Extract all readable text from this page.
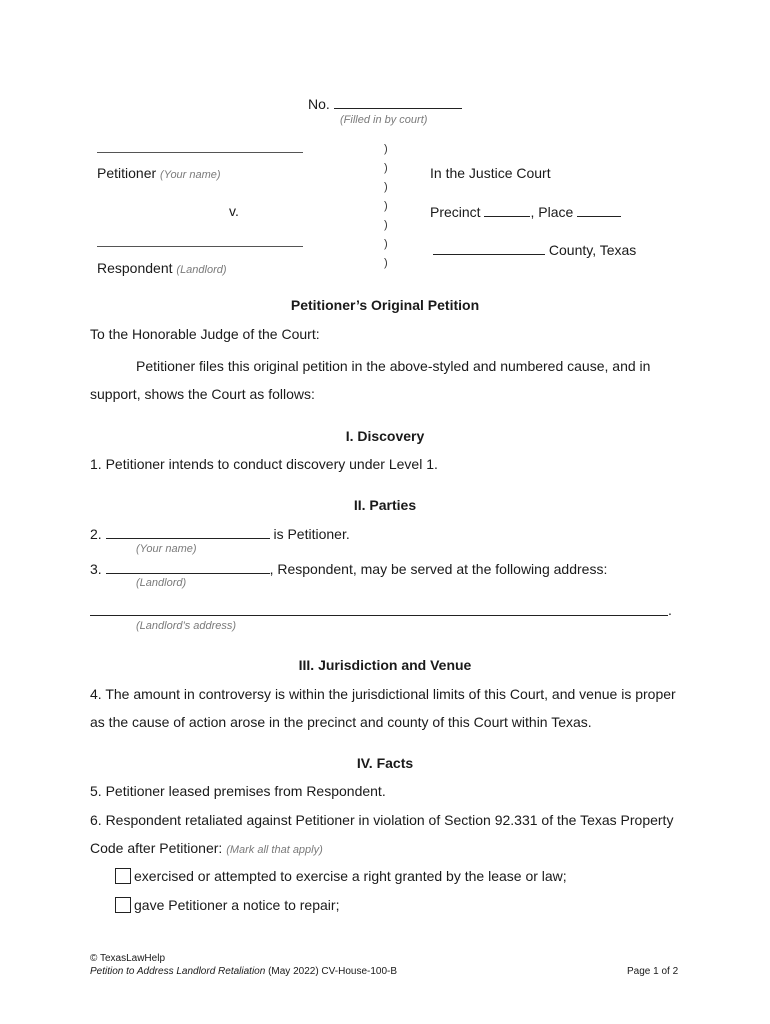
No.
(Filled in by court)
Petitioner (Your name)
v.
Respondent (Landlord)
)
)
)
)
)
)
)
In the Justice Court
Precinct	, Place
County, Texas
Petitioner’s Original Petition
To the Honorable Judge of the Court:
Petitioner files this original petition in the above-styled and numbered cause, and in
support, shows the Court as follows:
I. Discovery
1. Petitioner intends to conduct discovery under Level 1.
II. Parties
2.	is Petitioner.
(Your name)
3.	, Respondent, may be served at the following address:
(Landlord)
.
(Landlord’s address)
III. Jurisdiction and Venue
4. The amount in controversy is within the jurisdictional limits of this Court, and venue is proper
as the cause of action arose in the precinct and county of this Court within Texas.
IV. Facts
5. Petitioner leased premises from Respondent.
6. Respondent retaliated against Petitioner in violation of Section 92.331 of the Texas Property
Code after Petitioner: (Mark all that apply)
exercised or attempted to exercise a right granted by the lease or law;
gave Petitioner a notice to repair;
© TexasLawHelp
Petition to Address Landlord Retaliation (May 2022) CV-House-100-B	Page 1 of 2
